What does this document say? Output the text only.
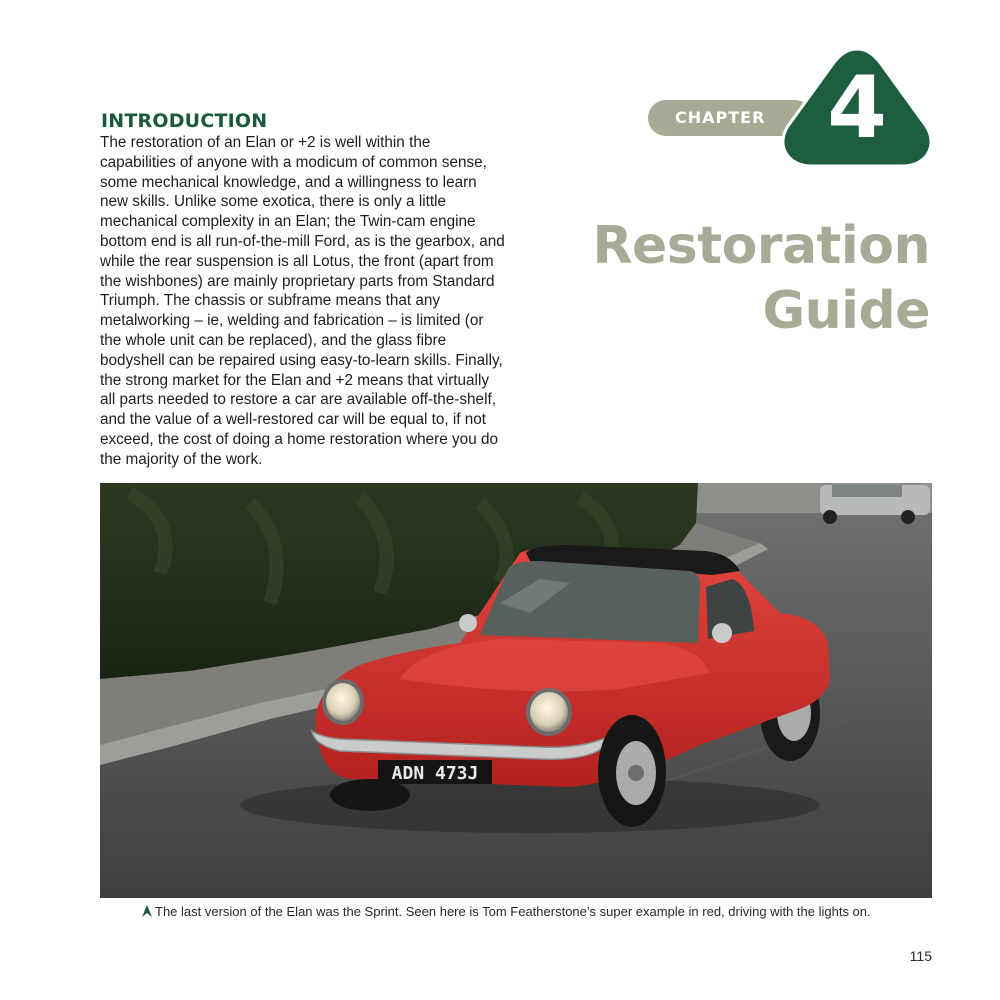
INTRODUCTION

The restoration of an Elan or +2 is well within the capabilities of anyone with a modicum of common sense, some mechanical knowledge, and a willingness to learn new skills. Unlike some exotica, there is only a little mechanical complexity in an Elan; the Twin-cam engine bottom end is all run-of-the-mill Ford, as is the gearbox, and while the rear suspension is all Lotus, the front (apart from the wishbones) are mainly proprietary parts from Standard Triumph. The chassis or subframe means that any metalworking – ie, welding and fabrication – is limited (or the whole unit can be replaced), and the glass fibre bodyshell can be repaired using easy-to-learn skills. Finally, the strong market for the Elan and +2 means that virtually all parts needed to restore a car are available off-the-shelf, and the value of a well-restored car will be equal to, if not exceed, the cost of doing a home restoration where you do the majority of the work.

CHAPTER 4
Restoration
Guide
ADN 473J
The last version of the Elan was the Sprint. Seen here is Tom Featherstone’s super example in red, driving with the lights on.
115
